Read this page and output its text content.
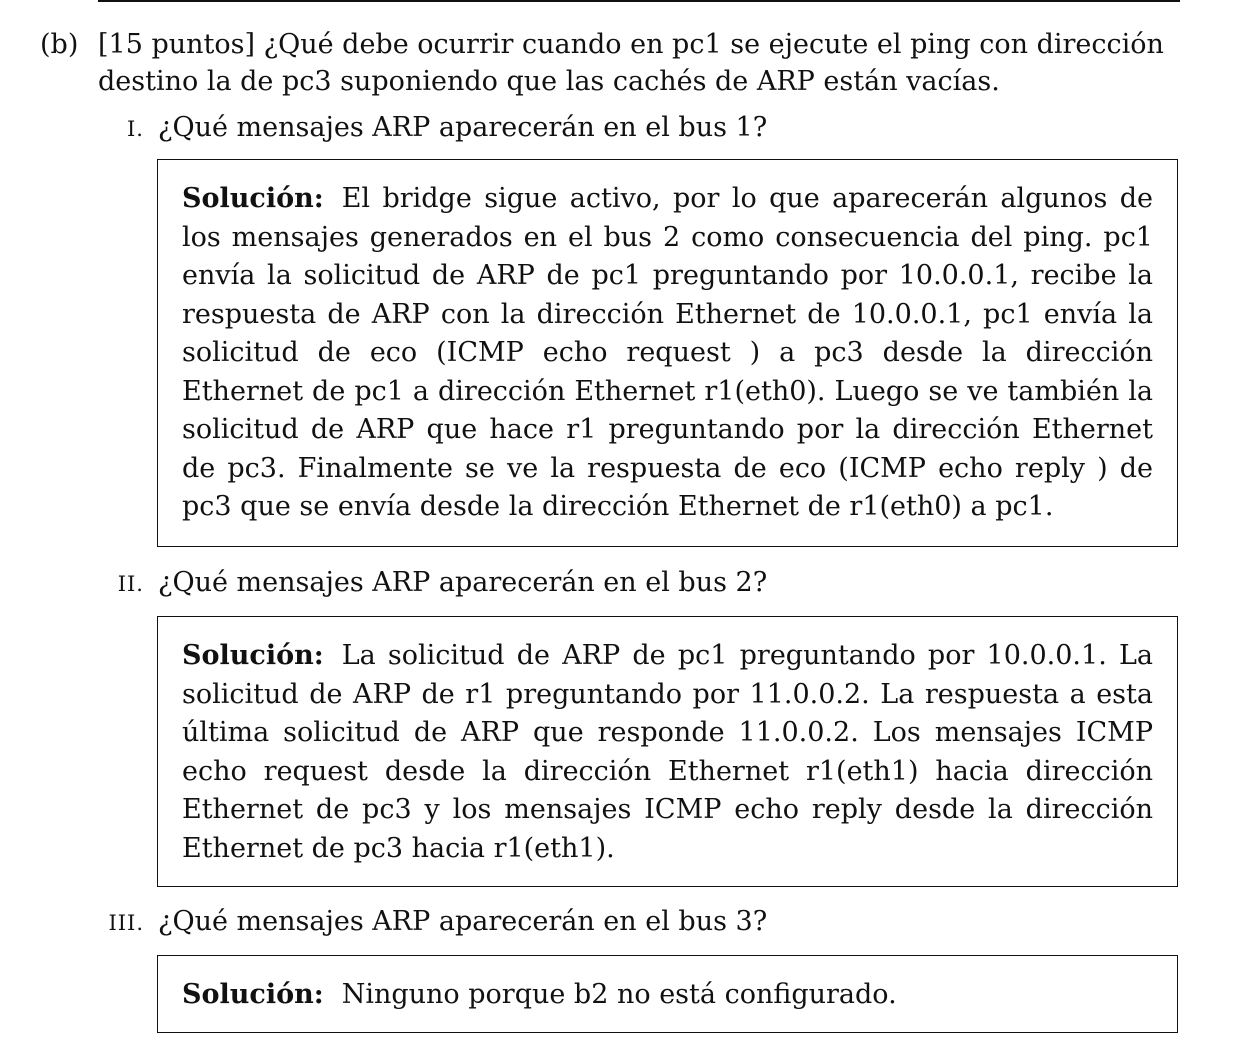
(b) [15 puntos] ¿Qué debe ocurrir cuando en pc1 se ejecute el ping con dirección
destino la de pc3 suponiendo que las cachés de ARP están vacías.
I. ¿Qué mensajes ARP aparecerán en el bus 1?
Solución: El bridge sigue activo, por lo que aparecerán algunos de los mensajes generados en el bus 2 como consecuencia del ping. pc1 envía la solicitud de ARP de pc1 preguntando por 10.0.0.1, recibe la respuesta de ARP con la dirección Ethernet de 10.0.0.1, pc1 envía la solicitud de eco (ICMP echo request ) a pc3 desde la dirección Ethernet de pc1 a dirección Ethernet r1(eth0). Luego se ve también la solicitud de ARP que hace r1 preguntando por la dirección Ethernet de pc3. Finalmente se ve la respuesta de eco (ICMP echo reply ) de pc3 que se envía desde la dirección Ethernet de r1(eth0) a pc1.
II. ¿Qué mensajes ARP aparecerán en el bus 2?
Solución: La solicitud de ARP de pc1 preguntando por 10.0.0.1. La solicitud de ARP de r1 preguntando por 11.0.0.2. La respuesta a esta última solicitud de ARP que responde 11.0.0.2. Los mensajes ICMP echo request desde la dirección Ethernet r1(eth1) hacia dirección Ethernet de pc3 y los mensajes ICMP echo reply desde la dirección Ethernet de pc3 hacia r1(eth1).
III. ¿Qué mensajes ARP aparecerán en el bus 3?
Solución: Ninguno porque b2 no está configurado.
